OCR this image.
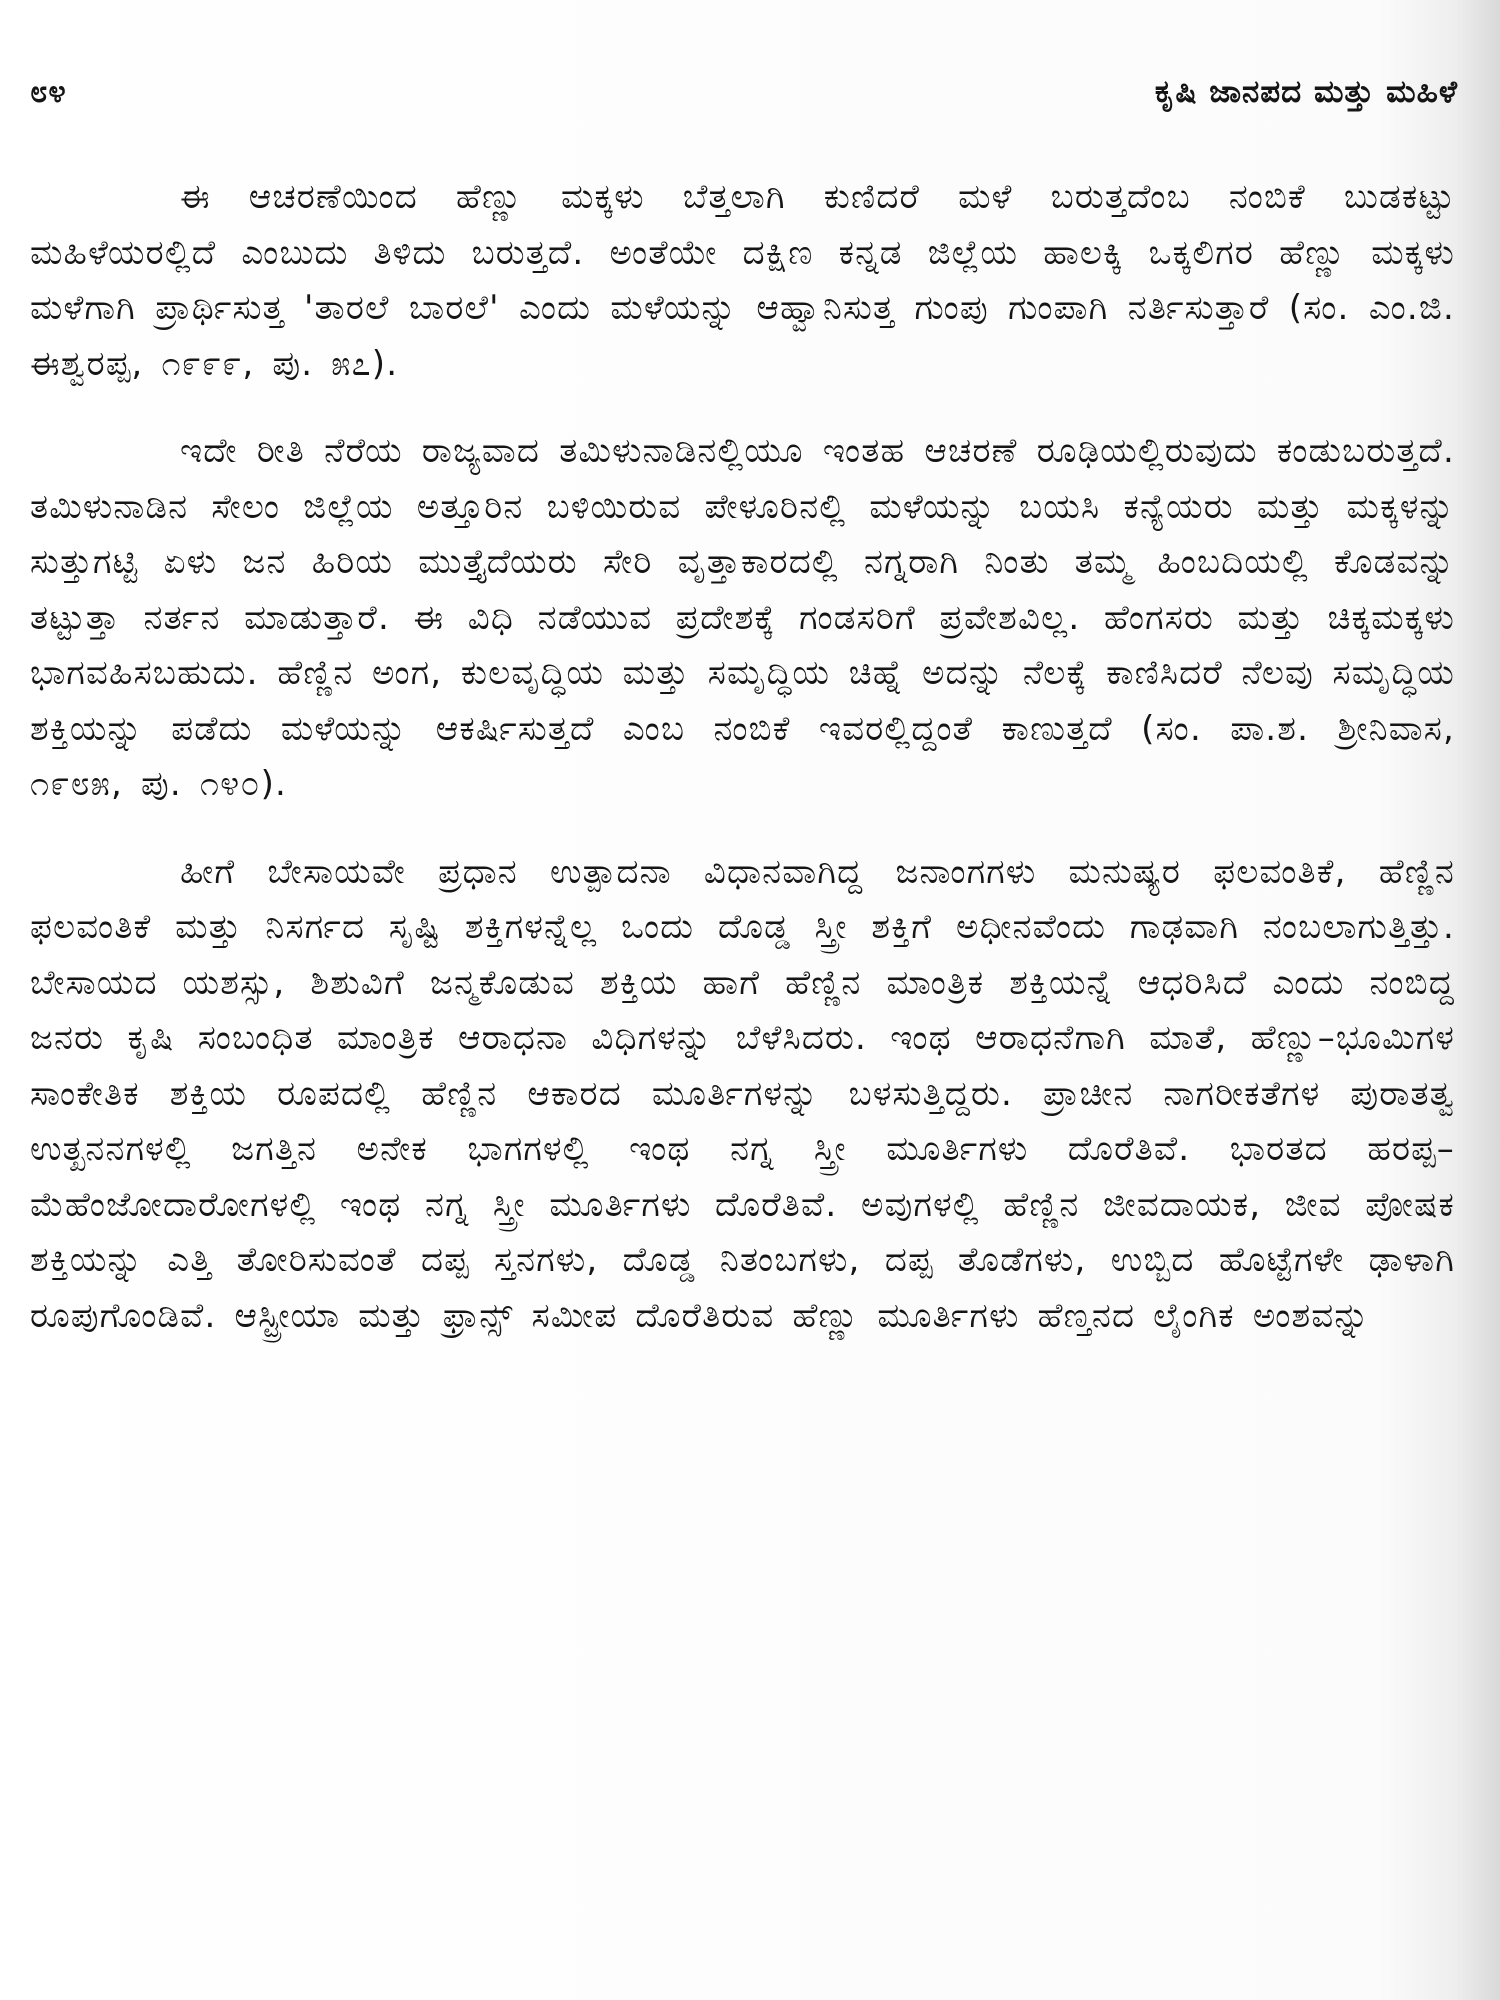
೮೪	ಕೃಷಿ ಜಾನಪದ ಮತ್ತು ಮಹಿಳೆ

ಈ ಆಚರಣೆಯಿಂದ ಹೆಣ್ಣು ಮಕ್ಕಳು ಬೆತ್ತಲಾಗಿ ಕುಣಿದರೆ ಮಳೆ ಬರುತ್ತದೆಂಬ ನಂಬಿಕೆ ಬುಡಕಟ್ಟು ಮಹಿಳೆಯರಲ್ಲಿದೆ ಎಂಬುದು ತಿಳಿದು ಬರುತ್ತದೆ. ಅಂತೆಯೇ ದಕ್ಷಿಣ ಕನ್ನಡ ಜಿಲ್ಲೆಯ ಹಾಲಕ್ಕಿ ಒಕ್ಕಲಿಗರ ಹೆಣ್ಣು ಮಕ್ಕಳು ಮಳೆಗಾಗಿ ಪ್ರಾರ್ಥಿಸುತ್ತ 'ತಾರಲೆ ಬಾರಲೆ' ಎಂದು ಮಳೆಯನ್ನು ಆಹ್ವಾನಿಸುತ್ತ ಗುಂಪು ಗುಂಪಾಗಿ ನರ್ತಿಸುತ್ತಾರೆ (ಸಂ. ಎಂ.ಜಿ. ಈಶ್ವರಪ್ಪ, ೧೯೯೯, ಪು. ೫೭).

ಇದೇ ರೀತಿ ನೆರೆಯ ರಾಜ್ಯವಾದ ತಮಿಳುನಾಡಿನಲ್ಲಿಯೂ ಇಂತಹ ಆಚರಣೆ ರೂಢಿಯಲ್ಲಿರುವುದು ಕಂಡುಬರುತ್ತದೆ. ತಮಿಳುನಾಡಿನ ಸೇಲಂ ಜಿಲ್ಲೆಯ ಅತ್ತೂರಿನ ಬಳಿಯಿರುವ ಪೇಳೂರಿನಲ್ಲಿ ಮಳೆಯನ್ನು ಬಯಸಿ ಕನ್ಯೆಯರು ಮತ್ತು ಮಕ್ಕಳನ್ನು ಸುತ್ತುಗಟ್ಟಿ ಏಳು ಜನ ಹಿರಿಯ ಮುತ್ತೈದೆಯರು ಸೇರಿ ವೃತ್ತಾಕಾರದಲ್ಲಿ ನಗ್ನರಾಗಿ ನಿಂತು ತಮ್ಮ ಹಿಂಬದಿಯಲ್ಲಿ ಕೊಡವನ್ನು ತಟ್ಟುತ್ತಾ ನರ್ತನ ಮಾಡುತ್ತಾರೆ. ಈ ವಿಧಿ ನಡೆಯುವ ಪ್ರದೇಶಕ್ಕೆ ಗಂಡಸರಿಗೆ ಪ್ರವೇಶವಿಲ್ಲ. ಹೆಂಗಸರು ಮತ್ತು ಚಿಕ್ಕಮಕ್ಕಳು ಭಾಗವಹಿಸಬಹುದು. ಹೆಣ್ಣಿನ ಅಂಗ, ಕುಲವೃದ್ಧಿಯ ಮತ್ತು ಸಮೃದ್ಧಿಯ ಚಿಹ್ನೆ ಅದನ್ನು ನೆಲಕ್ಕೆ ಕಾಣಿಸಿದರೆ ನೆಲವು ಸಮೃದ್ಧಿಯ ಶಕ್ತಿಯನ್ನು ಪಡೆದು ಮಳೆಯನ್ನು ಆಕರ್ಷಿಸುತ್ತದೆ ಎಂಬ ನಂಬಿಕೆ ಇವರಲ್ಲಿದ್ದಂತೆ ಕಾಣುತ್ತದೆ (ಸಂ. ಪಾ.ಶ. ಶ್ರೀನಿವಾಸ, ೧೯೮೫, ಪು. ೧೪೦).

ಹೀಗೆ ಬೇಸಾಯವೇ ಪ್ರಧಾನ ಉತ್ಪಾದನಾ ವಿಧಾನವಾಗಿದ್ದ ಜನಾಂಗಗಳು ಮನುಷ್ಯರ ಫಲವಂತಿಕೆ, ಹೆಣ್ಣಿನ ಫಲವಂತಿಕೆ ಮತ್ತು ನಿಸರ್ಗದ ಸೃಷ್ಟಿ ಶಕ್ತಿಗಳನ್ನೆಲ್ಲ ಒಂದು ದೊಡ್ಡ ಸ್ತ್ರೀ ಶಕ್ತಿಗೆ ಅಧೀನವೆಂದು ಗಾಢವಾಗಿ ನಂಬಲಾಗುತ್ತಿತ್ತು. ಬೇಸಾಯದ ಯಶಸ್ಸು, ಶಿಶುವಿಗೆ ಜನ್ಮಕೊಡುವ ಶಕ್ತಿಯ ಹಾಗೆ ಹೆಣ್ಣಿನ ಮಾಂತ್ರಿಕ ಶಕ್ತಿಯನ್ನೆ ಆಧರಿಸಿದೆ ಎಂದು ನಂಬಿದ್ದ ಜನರು ಕೃಷಿ ಸಂಬಂಧಿತ ಮಾಂತ್ರಿಕ ಆರಾಧನಾ ವಿಧಿಗಳನ್ನು ಬೆಳೆಸಿದರು. ಇಂಥ ಆರಾಧನೆಗಾಗಿ ಮಾತೆ, ಹೆಣ್ಣು–ಭೂಮಿಗಳ ಸಾಂಕೇತಿಕ ಶಕ್ತಿಯ ರೂಪದಲ್ಲಿ ಹೆಣ್ಣಿನ ಆಕಾರದ ಮೂರ್ತಿಗಳನ್ನು ಬಳಸುತ್ತಿದ್ದರು. ಪ್ರಾಚೀನ ನಾಗರೀಕತೆಗಳ ಪುರಾತತ್ವ ಉತ್ಖನನಗಳಲ್ಲಿ ಜಗತ್ತಿನ ಅನೇಕ ಭಾಗಗಳಲ್ಲಿ ಇಂಥ ನಗ್ನ ಸ್ತ್ರೀ ಮೂರ್ತಿಗಳು ದೊರೆತಿವೆ. ಭಾರತದ ಹರಪ್ಪ–ಮೆಹೆಂಜೋದಾರೋಗಳಲ್ಲಿ ಇಂಥ ನಗ್ನ ಸ್ತ್ರೀ ಮೂರ್ತಿಗಳು ದೊರೆತಿವೆ. ಅವುಗಳಲ್ಲಿ ಹೆಣ್ಣಿನ ಜೀವದಾಯಕ, ಜೀವ ಪೋಷಕ ಶಕ್ತಿಯನ್ನು ಎತ್ತಿ ತೋರಿಸುವಂತೆ ದಪ್ಪ ಸ್ತನಗಳು, ದೊಡ್ಡ ನಿತಂಬಗಳು, ದಪ್ಪ ತೊಡೆಗಳು, ಉಬ್ಬಿದ ಹೊಟ್ಟೆಗಳೇ ಢಾಳಾಗಿ ರೂಪುಗೊಂಡಿವೆ. ಆಸ್ಟ್ರೀಯಾ ಮತ್ತು ಫ್ರಾನ್ಸ್ ಸಮೀಪ ದೊರೆತಿರುವ ಹೆಣ್ಣು ಮೂರ್ತಿಗಳು ಹೆಣ್ತನದ ಲೈಂಗಿಕ ಅಂಶವನ್ನು
